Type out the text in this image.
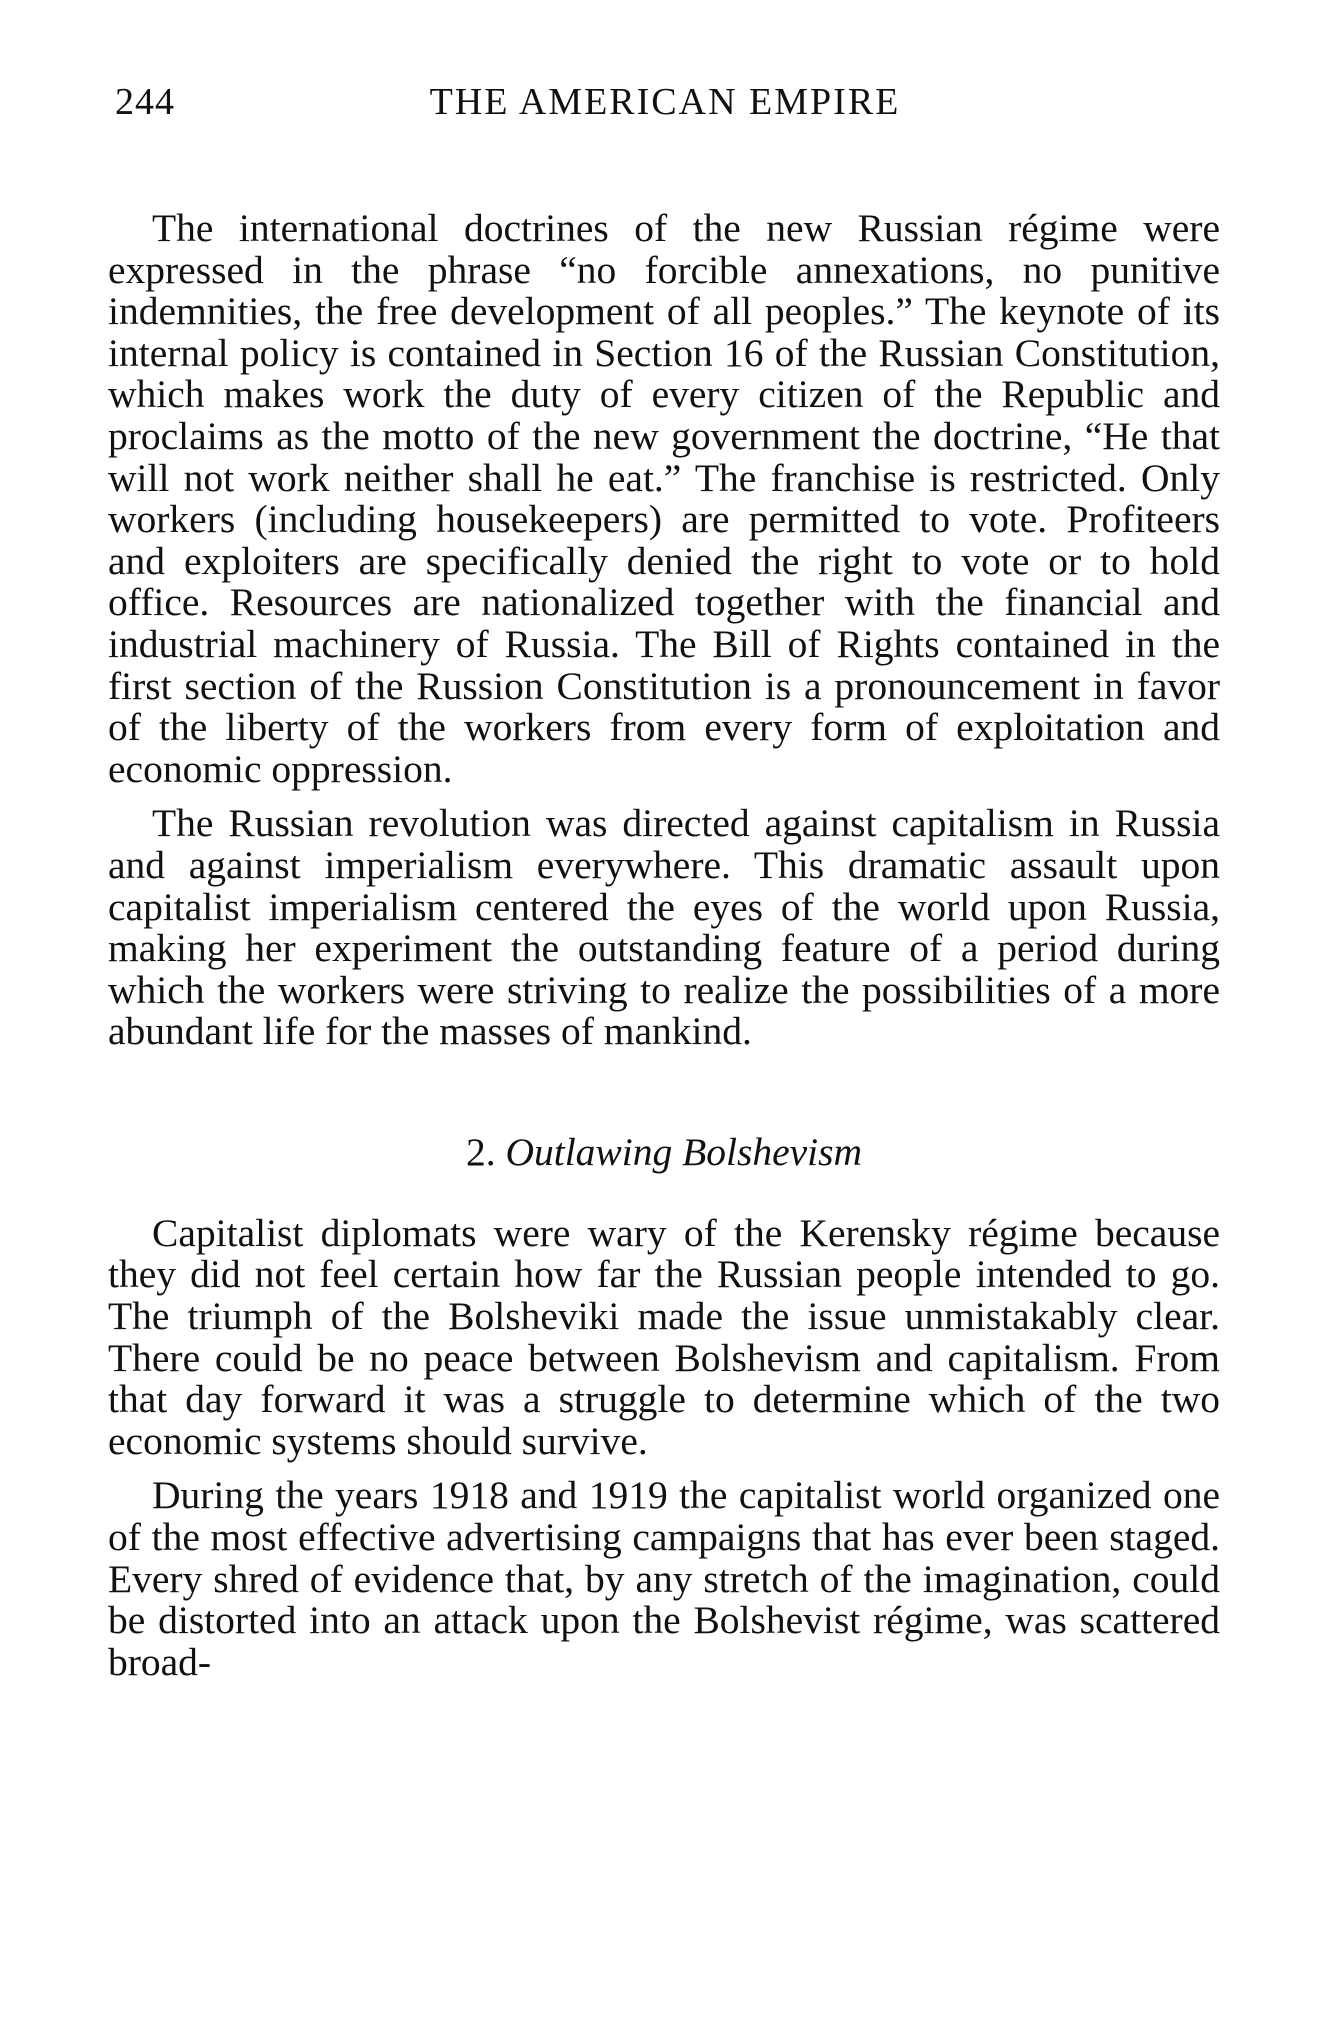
244	THE AMERICAN EMPIRE

The international doctrines of the new Russian régime were expressed in the phrase “no forcible annexations, no punitive indemnities, the free development of all peoples.” The keynote of its internal policy is contained in Section 16 of the Russian Constitution, which makes work the duty of every citizen of the Republic and proclaims as the motto of the new government the doctrine, “He that will not work neither shall he eat.” The franchise is restricted. Only workers (including housekeepers) are permitted to vote. Profiteers and exploiters are specifically denied the right to vote or to hold office. Resources are nationalized together with the financial and industrial machinery of Russia. The Bill of Rights contained in the first section of the Russion Constitution is a pronouncement in favor of the liberty of the workers from every form of exploitation and economic oppression.

The Russian revolution was directed against capitalism in Russia and against imperialism everywhere. This dramatic assault upon capitalist imperialism centered the eyes of the world upon Russia, making her experiment the outstanding feature of a period during which the workers were striving to realize the possibilities of a more abundant life for the masses of mankind.

2. Outlawing Bolshevism

Capitalist diplomats were wary of the Kerensky régime because they did not feel certain how far the Russian people intended to go. The triumph of the Bolsheviki made the issue unmistakably clear. There could be no peace between Bolshevism and capitalism. From that day forward it was a struggle to determine which of the two economic systems should survive.

During the years 1918 and 1919 the capitalist world organized one of the most effective advertising campaigns that has ever been staged. Every shred of evidence that, by any stretch of the imagination, could be distorted into an attack upon the Bolshevist régime, was scattered broad-
